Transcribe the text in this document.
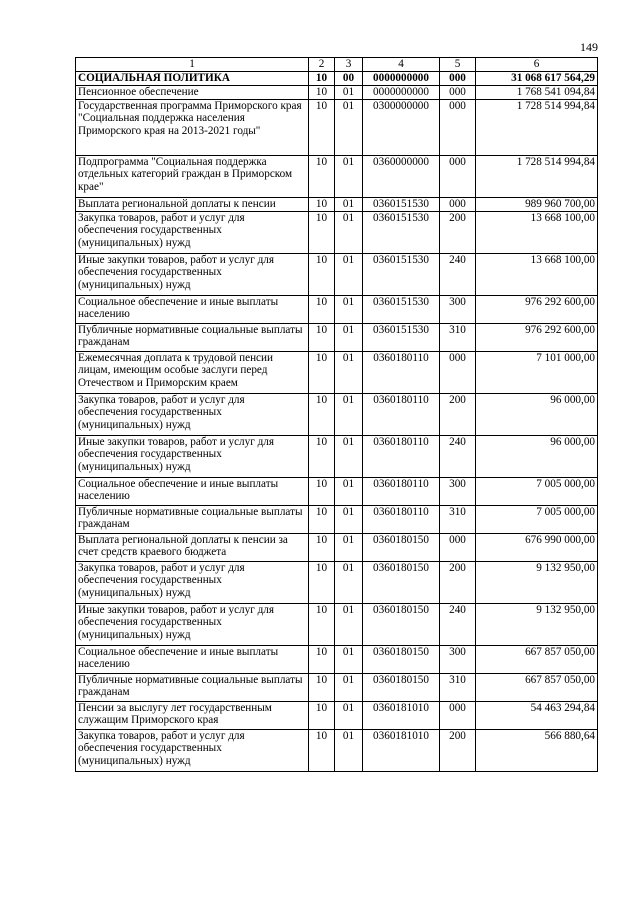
149
1	2	3	4	5	6
СОЦИАЛЬНАЯ ПОЛИТИКА	10	00	0000000000	000	31 068 617 564,29
Пенсионное обеспечение	10	01	0000000000	000	1 768 541 094,84
Государственная программа Приморского края "Социальная поддержка населения Приморского края на 2013-2021 годы"	10	01	0300000000	000	1 728 514 994,84
Подпрограмма "Социальная поддержка отдельных категорий граждан в Приморском крае"	10	01	0360000000	000	1 728 514 994,84
Выплата региональной доплаты к пенсии	10	01	0360151530	000	989 960 700,00
Закупка товаров, работ и услуг для обеспечения государственных (муниципальных) нужд	10	01	0360151530	200	13 668 100,00
Иные закупки товаров, работ и услуг для обеспечения государственных (муниципальных) нужд	10	01	0360151530	240	13 668 100,00
Социальное обеспечение и иные выплаты населению	10	01	0360151530	300	976 292 600,00
Публичные нормативные социальные выплаты гражданам	10	01	0360151530	310	976 292 600,00
Ежемесячная доплата к трудовой пенсии лицам, имеющим особые заслуги перед Отечеством и Приморским краем	10	01	0360180110	000	7 101 000,00
Закупка товаров, работ и услуг для обеспечения государственных (муниципальных) нужд	10	01	0360180110	200	96 000,00
Иные закупки товаров, работ и услуг для обеспечения государственных (муниципальных) нужд	10	01	0360180110	240	96 000,00
Социальное обеспечение и иные выплаты населению	10	01	0360180110	300	7 005 000,00
Публичные нормативные социальные выплаты гражданам	10	01	0360180110	310	7 005 000,00
Выплата региональной доплаты к пенсии за счет средств краевого бюджета	10	01	0360180150	000	676 990 000,00
Закупка товаров, работ и услуг для обеспечения государственных (муниципальных) нужд	10	01	0360180150	200	9 132 950,00
Иные закупки товаров, работ и услуг для обеспечения государственных (муниципальных) нужд	10	01	0360180150	240	9 132 950,00
Социальное обеспечение и иные выплаты населению	10	01	0360180150	300	667 857 050,00
Публичные нормативные социальные выплаты гражданам	10	01	0360180150	310	667 857 050,00
Пенсии за выслугу лет государственным служащим Приморского края	10	01	0360181010	000	54 463 294,84
Закупка товаров, работ и услуг для обеспечения государственных (муниципальных) нужд	10	01	0360181010	200	566 880,64
